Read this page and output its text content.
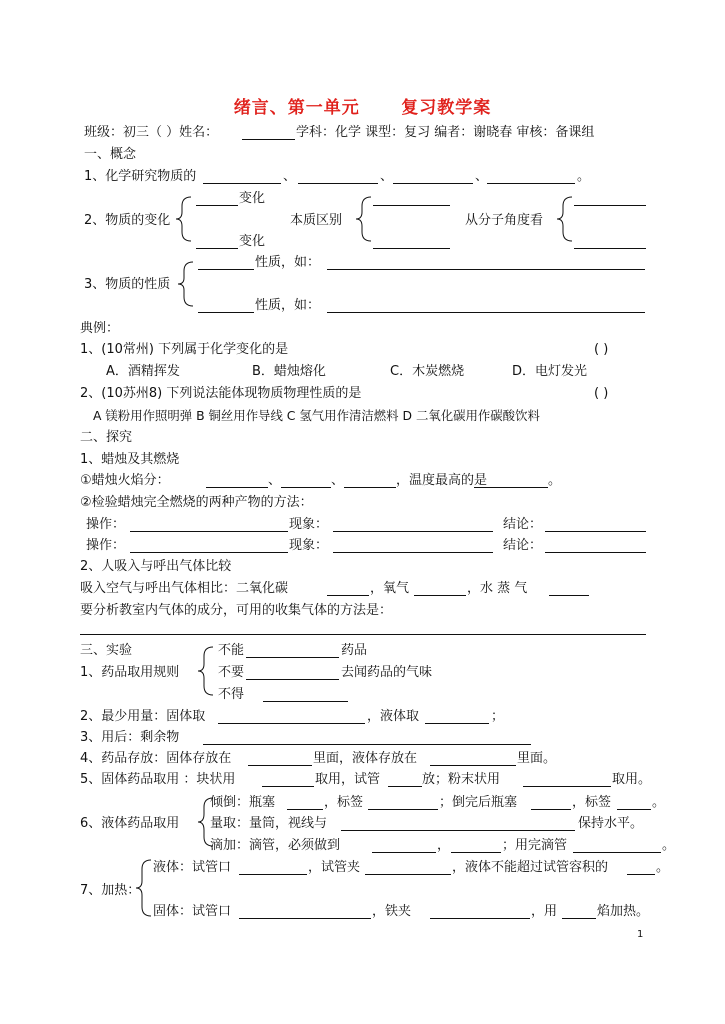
绪言、第一单元      复习教学案
班级：初三（ ）姓名：	学科：化学 课型：复习 编者：谢晓春 审核：备课组
一、概念
1、化学研究物质的	、	、	、	。
2、物质的变化
变化
变化
本质区别	从分子角度看
3、物质的性质
性质，如：
性质，如：
典例：
1、(10常州) 下列属于化学变化的是	( )
A．酒精挥发	B．蜡烛熔化	C．木炭燃烧	D．电灯发光
2、(10苏州8) 下列说法能体现物质物理性质的是	( )
A 镁粉用作照明弹 B 铜丝用作导线 C 氢气用作清洁燃料 D 二氧化碳用作碳酸饮料
二、探究
1、蜡烛及其燃烧
①蜡烛火焰分：	、	、	，温度最高的是	。
②检验蜡烛完全燃烧的两种产物的方法：
操作：	现象：	结论：
操作：	现象：	结论：
2、人吸入与呼出气体比较
吸入空气与呼出气体相比：二氧化碳	，氧气	，水 蒸 气
要分析教室内气体的成分，可用的收集气体的方法是：
三、实验
1、药品取用规则
不能	药品
不要	去闻药品的气味
不得
2、最少用量：固体取	，液体取	；
3、用后：剩余物
4、药品存放：固体存放在	里面，液体存放在	里面。
5、固体药品取用 ：块状用	取用，试管	放；粉末状用	取用。
6、液体药品取用
倾倒：瓶塞	，标签	；倒完后瓶塞	，标签	。
量取：量筒，视线与	保持水平。
滴加：滴管，必须做到	，	；用完滴管	。
7、加热：
液体：试管口	，试管夹	，液体不能超过试管容积的	。
固体：试管口	，铁夹	，用	焰加热。
1
